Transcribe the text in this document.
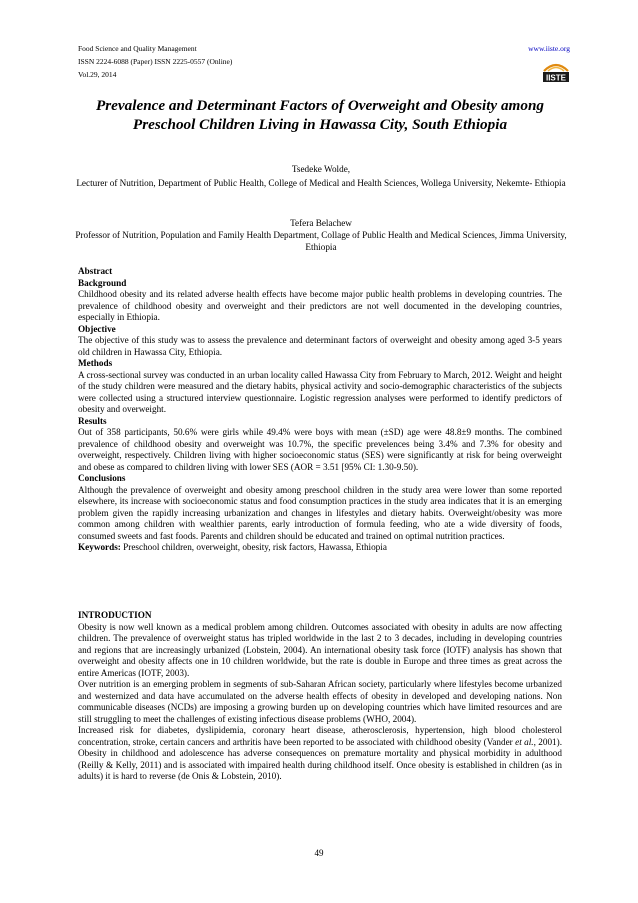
Food Science and Quality Management
ISSN 2224-6088 (Paper) ISSN 2225-0557 (Online)
Vol.29, 2014
www.iiste.org
IISTE
Prevalence and Determinant Factors of Overweight and Obesity among Preschool Children Living in Hawassa City, South Ethiopia
Tsedeke Wolde,
Lecturer of Nutrition, Department of Public Health, College of Medical and Health Sciences, Wollega University, Nekemte- Ethiopia
Tefera Belachew
Professor of Nutrition, Population and Family Health Department, Collage of Public Health and Medical Sciences, Jimma University, Ethiopia

Abstract

Background

Childhood obesity and its related adverse health effects have become major public health problems in developing countries. The prevalence of childhood obesity and overweight and their predictors are not well documented in the developing countries, especially in Ethiopia.

Objective

The objective of this study was to assess the prevalence and determinant factors of overweight and obesity among aged 3-5 years old children in Hawassa City, Ethiopia.

Methods

A cross-sectional survey was conducted in an urban locality called Hawassa City from February to March, 2012. Weight and height of the study children were measured and the dietary habits, physical activity and socio-demographic characteristics of the subjects were collected using a structured interview questionnaire. Logistic regression analyses were performed to identify predictors of obesity and overweight.

Results

Out of 358 participants, 50.6% were girls while 49.4% were boys with mean (±SD) age were 48.8±9 months. The combined prevalence of childhood obesity and overweight was 10.7%, the specific prevelences being 3.4% and 7.3% for obesity and overweight, respectively. Children living with higher socioeconomic status (SES) were significantly at risk for being overweight and obese as compared to children living with lower SES (AOR = 3.51 [95% CI: 1.30-9.50).

Conclusions

Although the prevalence of overweight and obesity among preschool children in the study area were lower than some reported elsewhere, its increase with socioeconomic status and food consumption practices in the study area indicates that it is an emerging problem given the rapidly increasing urbanization and changes in lifestyles and dietary habits. Overweight/obesity was more common among children with wealthier parents, early introduction of formula feeding, who ate a wide diversity of foods, consumed sweets and fast foods. Parents and children should be educated and trained on optimal nutrition practices.

Keywords: Preschool children, overweight, obesity, risk factors, Hawassa, Ethiopia

INTRODUCTION

Obesity is now well known as a medical problem among children. Outcomes associated with obesity in adults are now affecting children. The prevalence of overweight status has tripled worldwide in the last 2 to 3 decades, including in developing countries and regions that are increasingly urbanized (Lobstein, 2004). An international obesity task force (IOTF) analysis has shown that overweight and obesity affects one in 10 children worldwide, but the rate is double in Europe and three times as great across the entire Americas (IOTF, 2003).

Over nutrition is an emerging problem in segments of sub-Saharan African society, particularly where lifestyles become urbanized and westernized and data have accumulated on the adverse health effects of obesity in developed and developing nations. Non communicable diseases (NCDs) are imposing a growing burden up on developing countries which have limited resources and are still struggling to meet the challenges of existing infectious disease problems (WHO, 2004).

Increased risk for diabetes, dyslipidemia, coronary heart disease, atherosclerosis, hypertension, high blood cholesterol concentration, stroke, certain cancers and arthritis have been reported to be associated with childhood obesity (Vander et al., 2001). Obesity in childhood and adolescence has adverse consequences on premature mortality and physical morbidity in adulthood (Reilly & Kelly, 2011) and is associated with impaired health during childhood itself. Once obesity is established in children (as in adults) it is hard to reverse (de Onis & Lobstein, 2010).

49
